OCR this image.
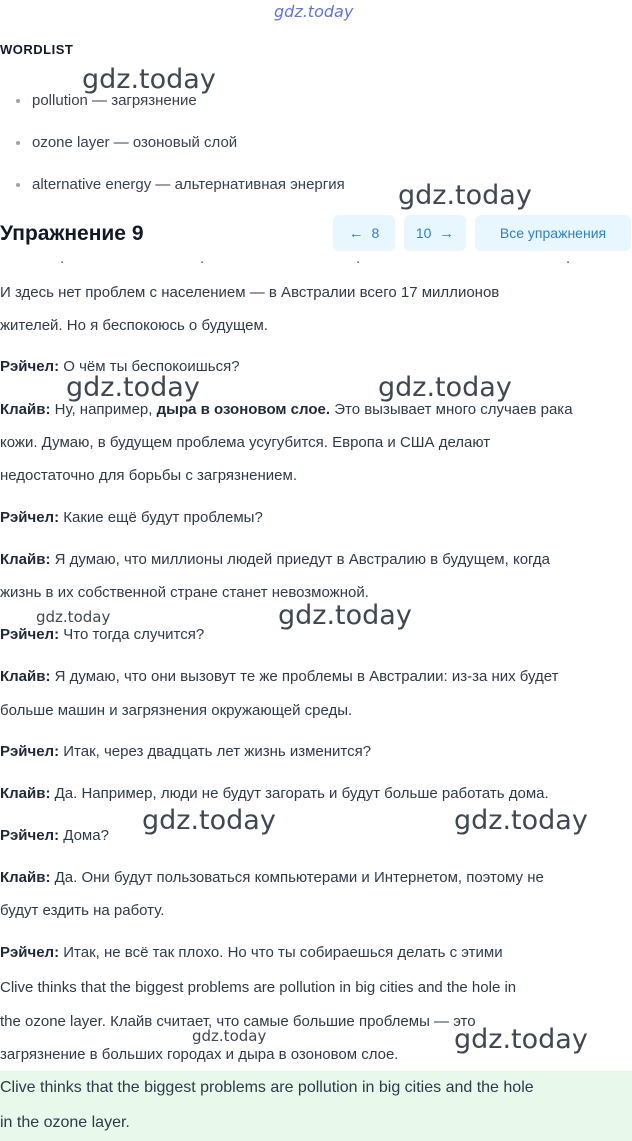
gdz.today
gdz.today
gdz.today
gdz.today	gdz.today
gdz.today	gdz.today
gdz.today	gdz.today
gdz.today	gdz.today
WORDLIST
pollution — загрязнение
ozone layer — озоновый слой
alternative energy — альтернативная энергия
Упражнение 9	←
8	10
→	Все упражнения
.	.	.	.
И здесь нет проблем с населением — в Австралии всего 17 миллионов
жителей. Но я беспокоюсь о будущем.
Рэйчел: О чём ты беспокоишься?
Клайв: Ну, например, дыра в озоновом слое. Это вызывает много случаев рака
кожи. Думаю, в будущем проблема усугубится. Европа и США делают
недостаточно для борьбы с загрязнением.
Рэйчел: Какие ещё будут проблемы?
Клайв: Я думаю, что миллионы людей приедут в Австралию в будущем, когда
жизнь в их собственной стране станет невозможной.
Рэйчел: Что тогда случится?
Клайв: Я думаю, что они вызовут те же проблемы в Австралии: из-за них будет
больше машин и загрязнения окружающей среды.
Рэйчел: Итак, через двадцать лет жизнь изменится?
Клайв: Да. Например, люди не будут загорать и будут больше работать дома.
Рэйчел: Дома?
Клайв: Да. Они будут пользоваться компьютерами и Интернетом, поэтому не
будут ездить на работу.
Рэйчел: Итак, не всё так плохо. Но что ты собираешься делать с этими
Clive thinks that the biggest problems are pollution in big cities and the hole in
the ozone layer. Клайв считает, что самые большие проблемы — это
загрязнение в больших городах и дыра в озоновом слое.
Clive thinks that the biggest problems are pollution in big cities and the hole
in the ozone layer.
